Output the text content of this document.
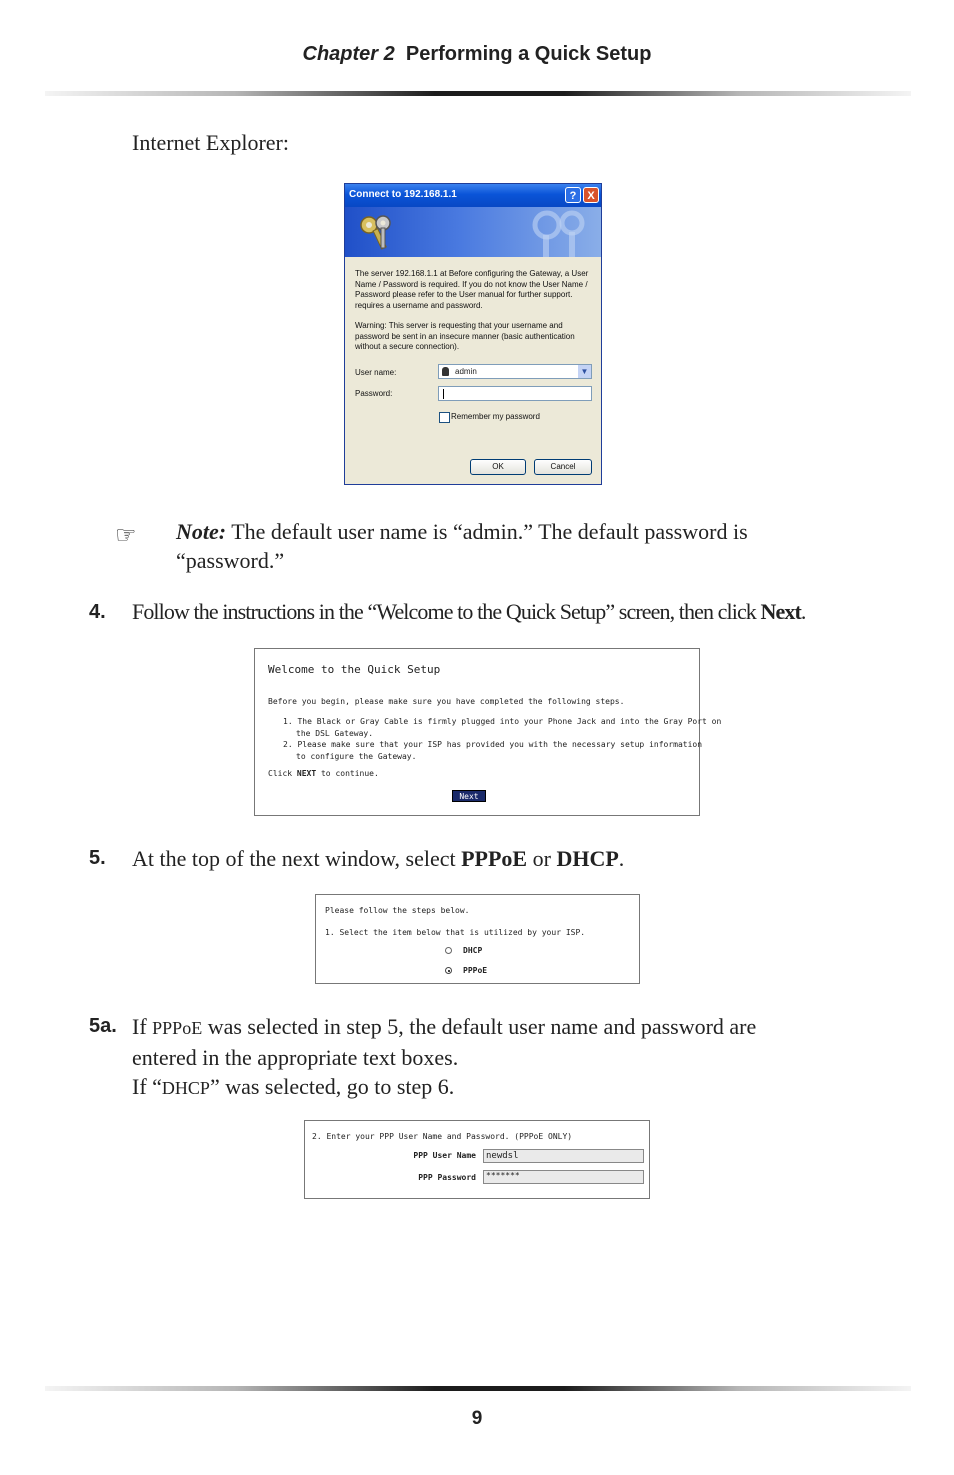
Chapter 2 Performing a Quick Setup
Internet Explorer:
Connect to 192.168.1.1	? X
The server 192.168.1.1 at Before configuring the Gateway, a User Name / Password is required. If you do not know the User Name / Password please refer to the User manual for further support. requires a username and password.
Warning: This server is requesting that your username and password be sent in an insecure manner (basic authentication without a secure connection).
User name:	admin	▼
Password:
Remember my password
OK	Cancel
☞ Note: The default user name is “admin.” The default password is “password.”
4. Follow the instructions in the “Welcome to the Quick Setup” screen, then click Next.
Welcome to the Quick Setup
Before you begin, please make sure you have completed the following steps.
1. The Black or Gray Cable is firmly plugged into your Phone Jack and into the Gray Port on
the DSL Gateway.
2. Please make sure that your ISP has provided you with the necessary setup information
to configure the Gateway.
Click NEXT to continue.
Next
5. At the top of the next window, select PPPoE or DHCP.
Please follow the steps below.
1. Select the item below that is utilized by your ISP.
DHCP
PPPoE
5a. If PPPoE was selected in step 5, the default user name and password are
entered in the appropriate text boxes.
If “DHCP” was selected, go to step 6.
2. Enter your PPP User Name and Password. (PPPoE ONLY)
PPP User Name	newdsl
PPP Password	*******
9
